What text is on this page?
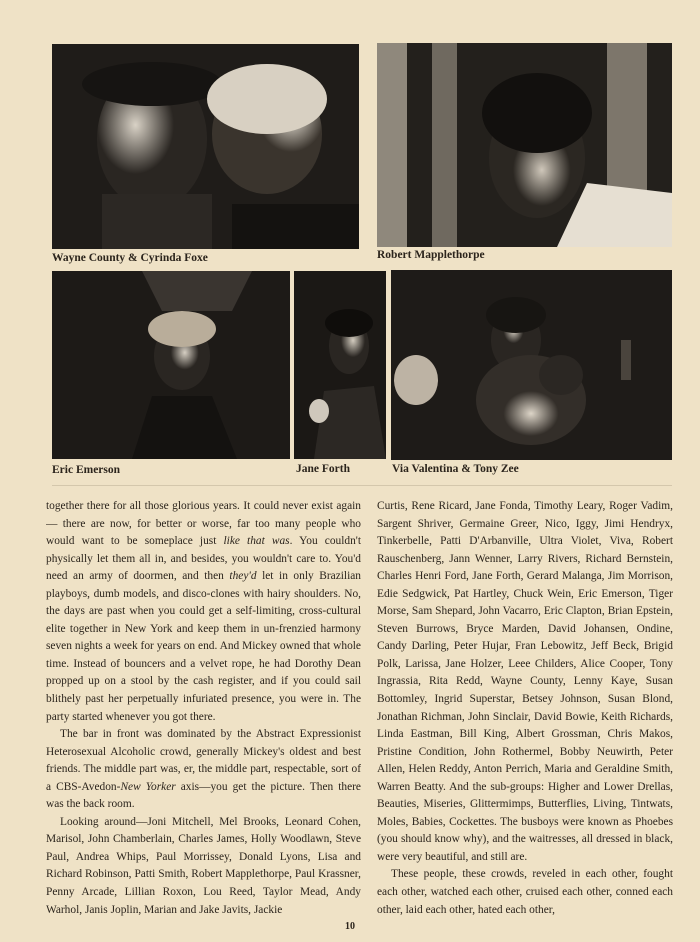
Wayne County & Cyrinda Foxe	Robert Mapplethorpe
Eric Emerson	Jane Forth	Via Valentina & Tony Zee

together there for all those glorious years. It could never exist again — there are now, for better or worse, far too many people who would want to be someplace just like that was. You couldn't physically let them all in, and besides, you wouldn't care to. You'd need an army of doormen, and then they'd let in only Brazilian playboys, dumb models, and disco-clones with hairy shoulders. No, the days are past when you could get a self-limiting, cross-cultural elite together in New York and keep them in un-frenzied harmony seven nights a week for years on end. And Mickey owned that whole time. Instead of bouncers and a velvet rope, he had Dorothy Dean propped up on a stool by the cash register, and if you could sail blithely past her perpetually infuriated presence, you were in. The party started whenever you got there.

The bar in front was dominated by the Abstract Expressionist Heterosexual Alcoholic crowd, generally Mickey's oldest and best friends. The middle part was, er, the middle part, respectable, sort of a CBS-Avedon-New Yorker axis—you get the picture. Then there was the back room.

Looking around—Joni Mitchell, Mel Brooks, Leonard Cohen, Marisol, John Chamberlain, Charles James, Holly Woodlawn, Steve Paul, Andrea Whips, Paul Morrissey, Donald Lyons, Lisa and Richard Robinson, Patti Smith, Robert Mapplethorpe, Paul Krassner, Penny Arcade, Lillian Roxon, Lou Reed, Taylor Mead, Andy Warhol, Janis Joplin, Marian and Jake Javits, Jackie

Curtis, Rene Ricard, Jane Fonda, Timothy Leary, Roger Vadim, Sargent Shriver, Germaine Greer, Nico, Iggy, Jimi Hendryx, Tinkerbelle, Patti D'Arbanville, Ultra Violet, Viva, Robert Rauschenberg, Jann Wenner, Larry Rivers, Richard Bernstein, Charles Henri Ford, Jane Forth, Gerard Malanga, Jim Morrison, Edie Sedgwick, Pat Hartley, Chuck Wein, Eric Emerson, Tiger Morse, Sam Shepard, John Vacarro, Eric Clapton, Brian Epstein, Steven Burrows, Bryce Marden, David Johansen, Ondine, Candy Darling, Peter Hujar, Fran Lebowitz, Jeff Beck, Brigid Polk, Larissa, Jane Holzer, Leee Childers, Alice Cooper, Tony Ingrassia, Rita Redd, Wayne County, Lenny Kaye, Susan Bottomley, Ingrid Superstar, Betsey Johnson, Susan Blond, Jonathan Richman, John Sinclair, David Bowie, Keith Richards, Linda Eastman, Bill King, Albert Grossman, Chris Makos, Pristine Condition, John Rothermel, Bobby Neuwirth, Peter Allen, Helen Reddy, Anton Perrich, Maria and Geraldine Smith, Warren Beatty. And the sub-groups: Higher and Lower Drellas, Beauties, Miseries, Glittermimps, Butterflies, Living, Tintwats, Moles, Babies, Cockettes. The busboys were known as Phoebes (you should know why), and the waitresses, all dressed in black, were very beautiful, and still are.

These people, these crowds, reveled in each other, fought each other, watched each other, cruised each other, conned each other, laid each other, hated each other,

10
